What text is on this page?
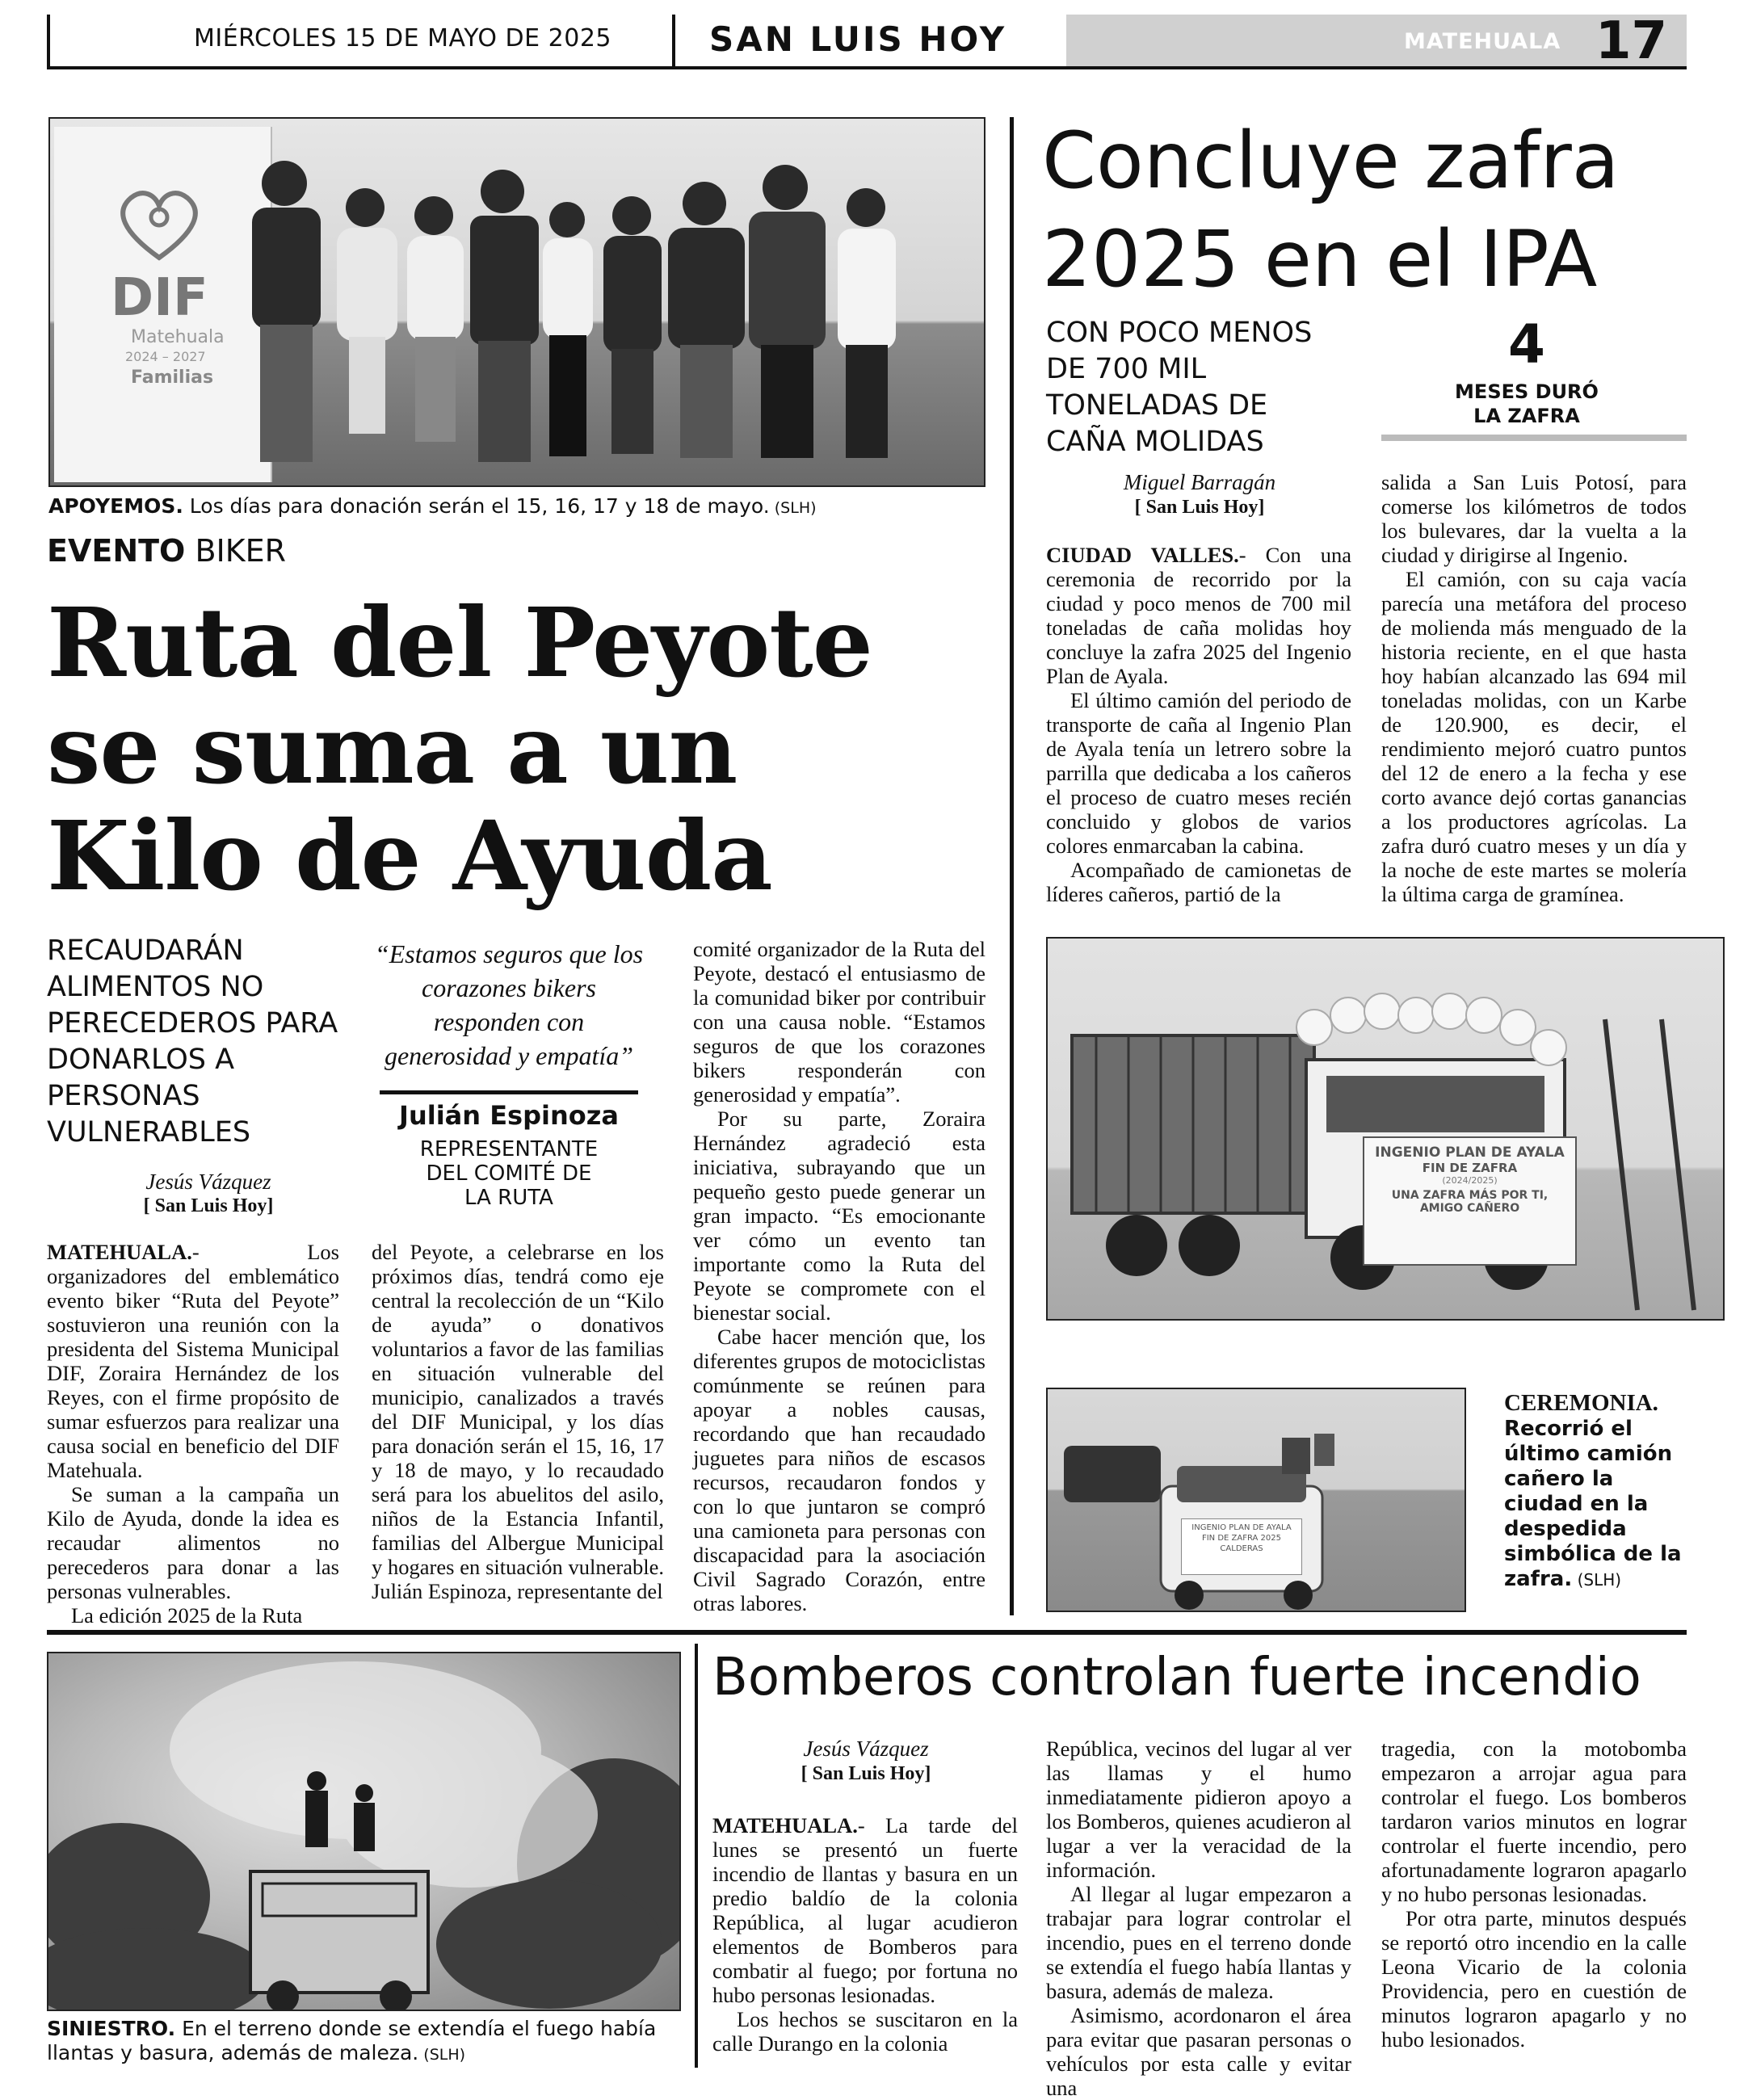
MIÉRCOLES 15 DE MAYO DE 2025	SAN LUIS HOY	MATEHUALA 17
DIF
Matehuala
2024 – 2027
Familias
APOYEMOS. Los días para donación serán el 15, 16, 17 y 18 de mayo. (SLH)
EVENTO BIKER
Ruta del Peyote se suma a un Kilo de Ayuda
RECAUDARÁN ALIMENTOS NO PERECEDEROS PARA DONARLOS A PERSONAS VULNERABLES
Jesús Vázquez
[ San Luis Hoy]
“Estamos seguros que los corazones bikers responden con generosidad y empatía”
Julián Espinoza
REPRESENTANTE DEL COMITÉ DE LA RUTA

MATEHUALA.- Los organizadores del emblemático evento biker “Ruta del Peyote” sostuvieron una reunión con la presidenta del Sistema Municipal DIF, Zoraira Hernández de los Reyes, con el firme propósito de sumar esfuerzos para realizar una causa social en beneficio del DIF Matehuala.

Se suman a la campaña un Kilo de Ayuda, donde la idea es recaudar alimentos no perecederos para donar a las personas vulnerables.

La edición 2025 de la Ruta

del Peyote, a celebrarse en los próximos días, tendrá como eje central la recolección de un “Kilo de ayuda” o donativos voluntarios a favor de las familias en situación vulnerable del municipio, canalizados a través del DIF Municipal, y los días para donación serán el 15, 16, 17 y 18 de mayo, y lo recaudado será para los abuelitos del asilo, niños de la Estancia Infantil, familias del Albergue Municipal y hogares en situación vulnerable. Julián Espinoza, representante del

comité organizador de la Ruta del Peyote, destacó el entusiasmo de la comunidad biker por contribuir con una causa noble. “Estamos seguros de que los corazones bikers responderán con generosidad y empatía”.

Por su parte, Zoraira Hernández agradeció esta iniciativa, subrayando que un pequeño gesto puede generar un gran impacto. “Es emocionante ver cómo un evento tan importante como la Ruta del Peyote se compromete con el bienestar social.

Cabe hacer mención que, los diferentes grupos de motociclistas comúnmente se reúnen para apoyar a nobles causas, recordando que han recaudado juguetes para niños de escasos recursos, recaudaron fondos y con lo que juntaron se compró una camioneta para personas con discapacidad para la asociación Civil Sagrado Corazón, entre otras labores.

Concluye zafra 2025 en el IPA
CON POCO MENOS DE 700 MIL TONELADAS DE CAÑA MOLIDAS
4
MESES DURÓ LA ZAFRA
Miguel Barragán
[ San Luis Hoy]

CIUDAD VALLES.- Con una ceremonia de recorrido por la ciudad y poco menos de 700 mil toneladas de caña molidas hoy concluye la zafra 2025 del Ingenio Plan de Ayala.

El último camión del periodo de transporte de caña al Ingenio Plan de Ayala tenía un letrero sobre la parrilla que dedicaba a los cañeros el proceso de cuatro meses recién concluido y globos de varios colores enmarcaban la cabina.

Acompañado de camionetas de líderes cañeros, partió de la

salida a San Luis Potosí, para comerse los kilómetros de todos los bulevares, dar la vuelta a la ciudad y dirigirse al Ingenio.

El camión, con su caja vacía parecía una metáfora del proceso de molienda más menguado de la historia reciente, en el que hasta hoy habían alcanzado las 694 mil toneladas molidas, con un Karbe de 120.900, es decir, el rendimiento mejoró cuatro puntos del 12 de enero a la fecha y ese corto avance dejó cortas ganancias a los productores agrícolas. La zafra duró cuatro meses y un día y la noche de este martes se molería la última carga de gramínea.

INGENIO PLAN DE AYALA
FIN DE ZAFRA
(2024/2025)
UNA ZAFRA MÁS POR TI, AMIGO CAÑERO
INGENIO PLAN DE AYALA FIN DE ZAFRA 2025 CALDERAS
CEREMONIA. Recorrió el último camión cañero la ciudad en la despedida simbólica de la zafra. (SLH)
SINIESTRO. En el terreno donde se extendía el fuego había llantas y basura, además de maleza. (SLH)
Bomberos controlan fuerte incendio
Jesús Vázquez
[ San Luis Hoy]

MATEHUALA.- La tarde del lunes se presentó un fuerte incendio de llantas y basura en un predio baldío de la colonia República, al lugar acudieron elementos de Bomberos para combatir al fuego; por fortuna no hubo personas lesionadas.

Los hechos se suscitaron en la calle Durango en la colonia

República, vecinos del lugar al ver las llamas y el humo inmediatamente pidieron apoyo a los Bomberos, quienes acudieron al lugar a ver la veracidad de la información.

Al llegar al lugar empezaron a trabajar para lograr controlar el incendio, pues en el terreno donde se extendía el fuego había llantas y basura, además de maleza.

Asimismo, acordonaron el área para evitar que pasaran personas o vehículos por esta calle y evitar una

tragedia, con la motobomba empezaron a arrojar agua para controlar el fuego. Los bomberos tardaron varios minutos en lograr controlar el fuerte incendio, pero afortunadamente lograron apagarlo y no hubo personas lesionadas.

Por otra parte, minutos después se reportó otro incendio en la calle Leona Vicario de la colonia Providencia, pero en cuestión de minutos lograron apagarlo y no hubo lesionados.
